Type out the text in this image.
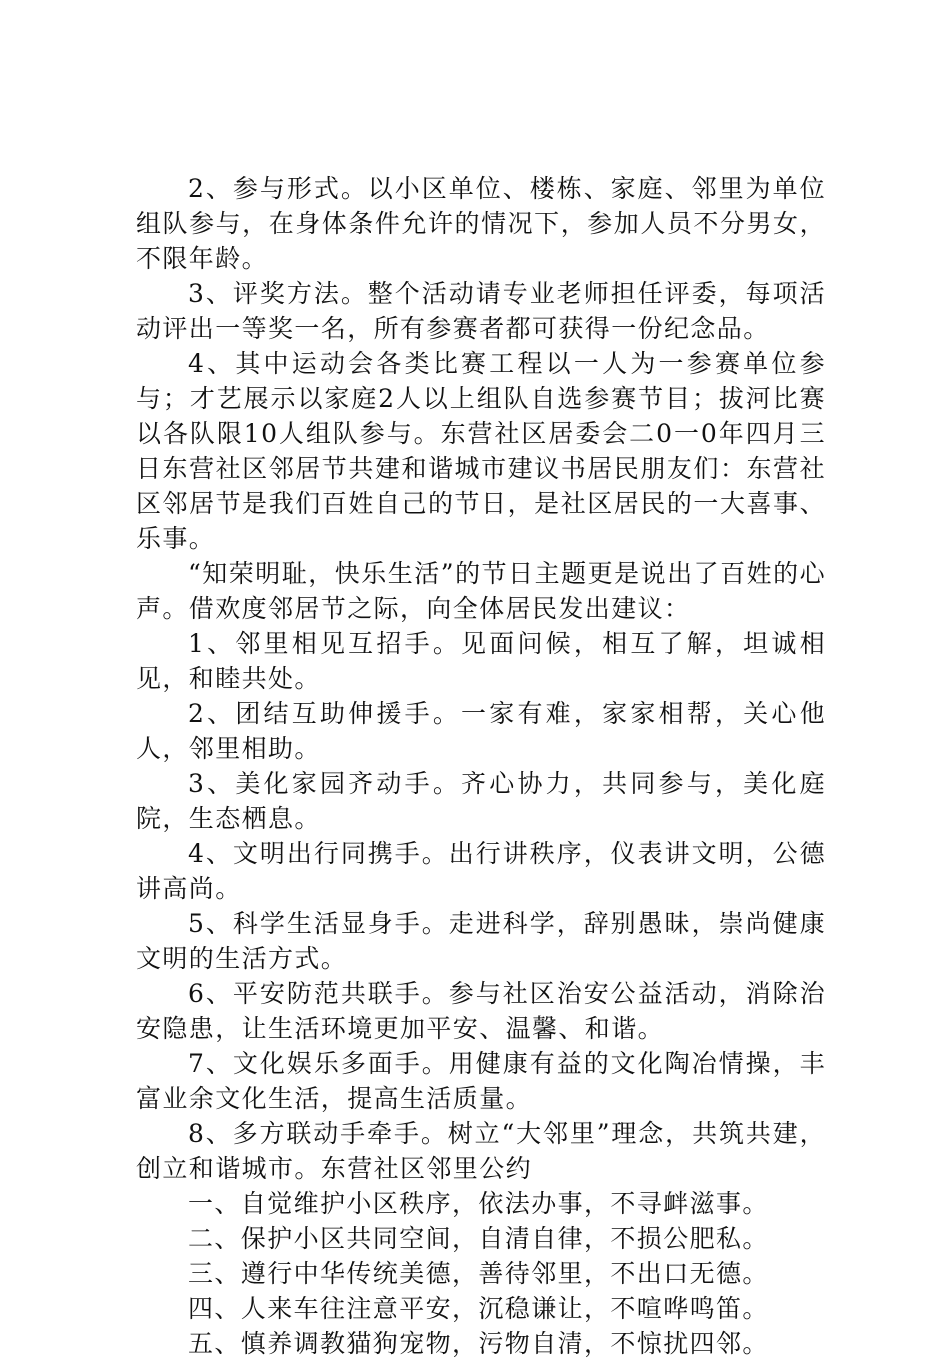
2、参与形式。以小区单位、楼栋、家庭、邻里为单位组队参与，在身体条件允许的情况下，参加人员不分男女，不限年龄。

3、评奖方法。整个活动请专业老师担任评委，每项活动评出一等奖一名，所有参赛者都可获得一份纪念品。

4、其中运动会各类比赛工程以一人为一参赛单位参与；才艺展示以家庭2人以上组队自选参赛节目；拔河比赛以各队限10人组队参与。东营社区居委会二0一0年四月三日东营社区邻居节共建和谐城市建议书居民朋友们：东营社区邻居节是我们百姓自己的节日，是社区居民的一大喜事、乐事。

“知荣明耻，快乐生活”的节日主题更是说出了百姓的心声。借欢度邻居节之际，向全体居民发出建议：

1、邻里相见互招手。见面问候，相互了解，坦诚相见，和睦共处。

2、团结互助伸援手。一家有难，家家相帮，关心他人，邻里相助。

3、美化家园齐动手。齐心协力，共同参与，美化庭院，生态栖息。

4、文明出行同携手。出行讲秩序，仪表讲文明，公德讲高尚。

5、科学生活显身手。走进科学，辞别愚昧，崇尚健康文明的生活方式。

6、平安防范共联手。参与社区治安公益活动，消除治安隐患，让生活环境更加平安、温馨、和谐。

7、文化娱乐多面手。用健康有益的文化陶冶情操，丰富业余文化生活，提高生活质量。

8、多方联动手牵手。树立“大邻里”理念，共筑共建，创立和谐城市。东营社区邻里公约

一、自觉维护小区秩序，依法办事，不寻衅滋事。

二、保护小区共同空间，自清自律，不损公肥私。

三、遵行中华传统美德，善待邻里，不出口无德。

四、人来车往注意平安，沉稳谦让，不喧哗鸣笛。

五、慎养调教猫狗宠物，污物自清，不惊扰四邻。
